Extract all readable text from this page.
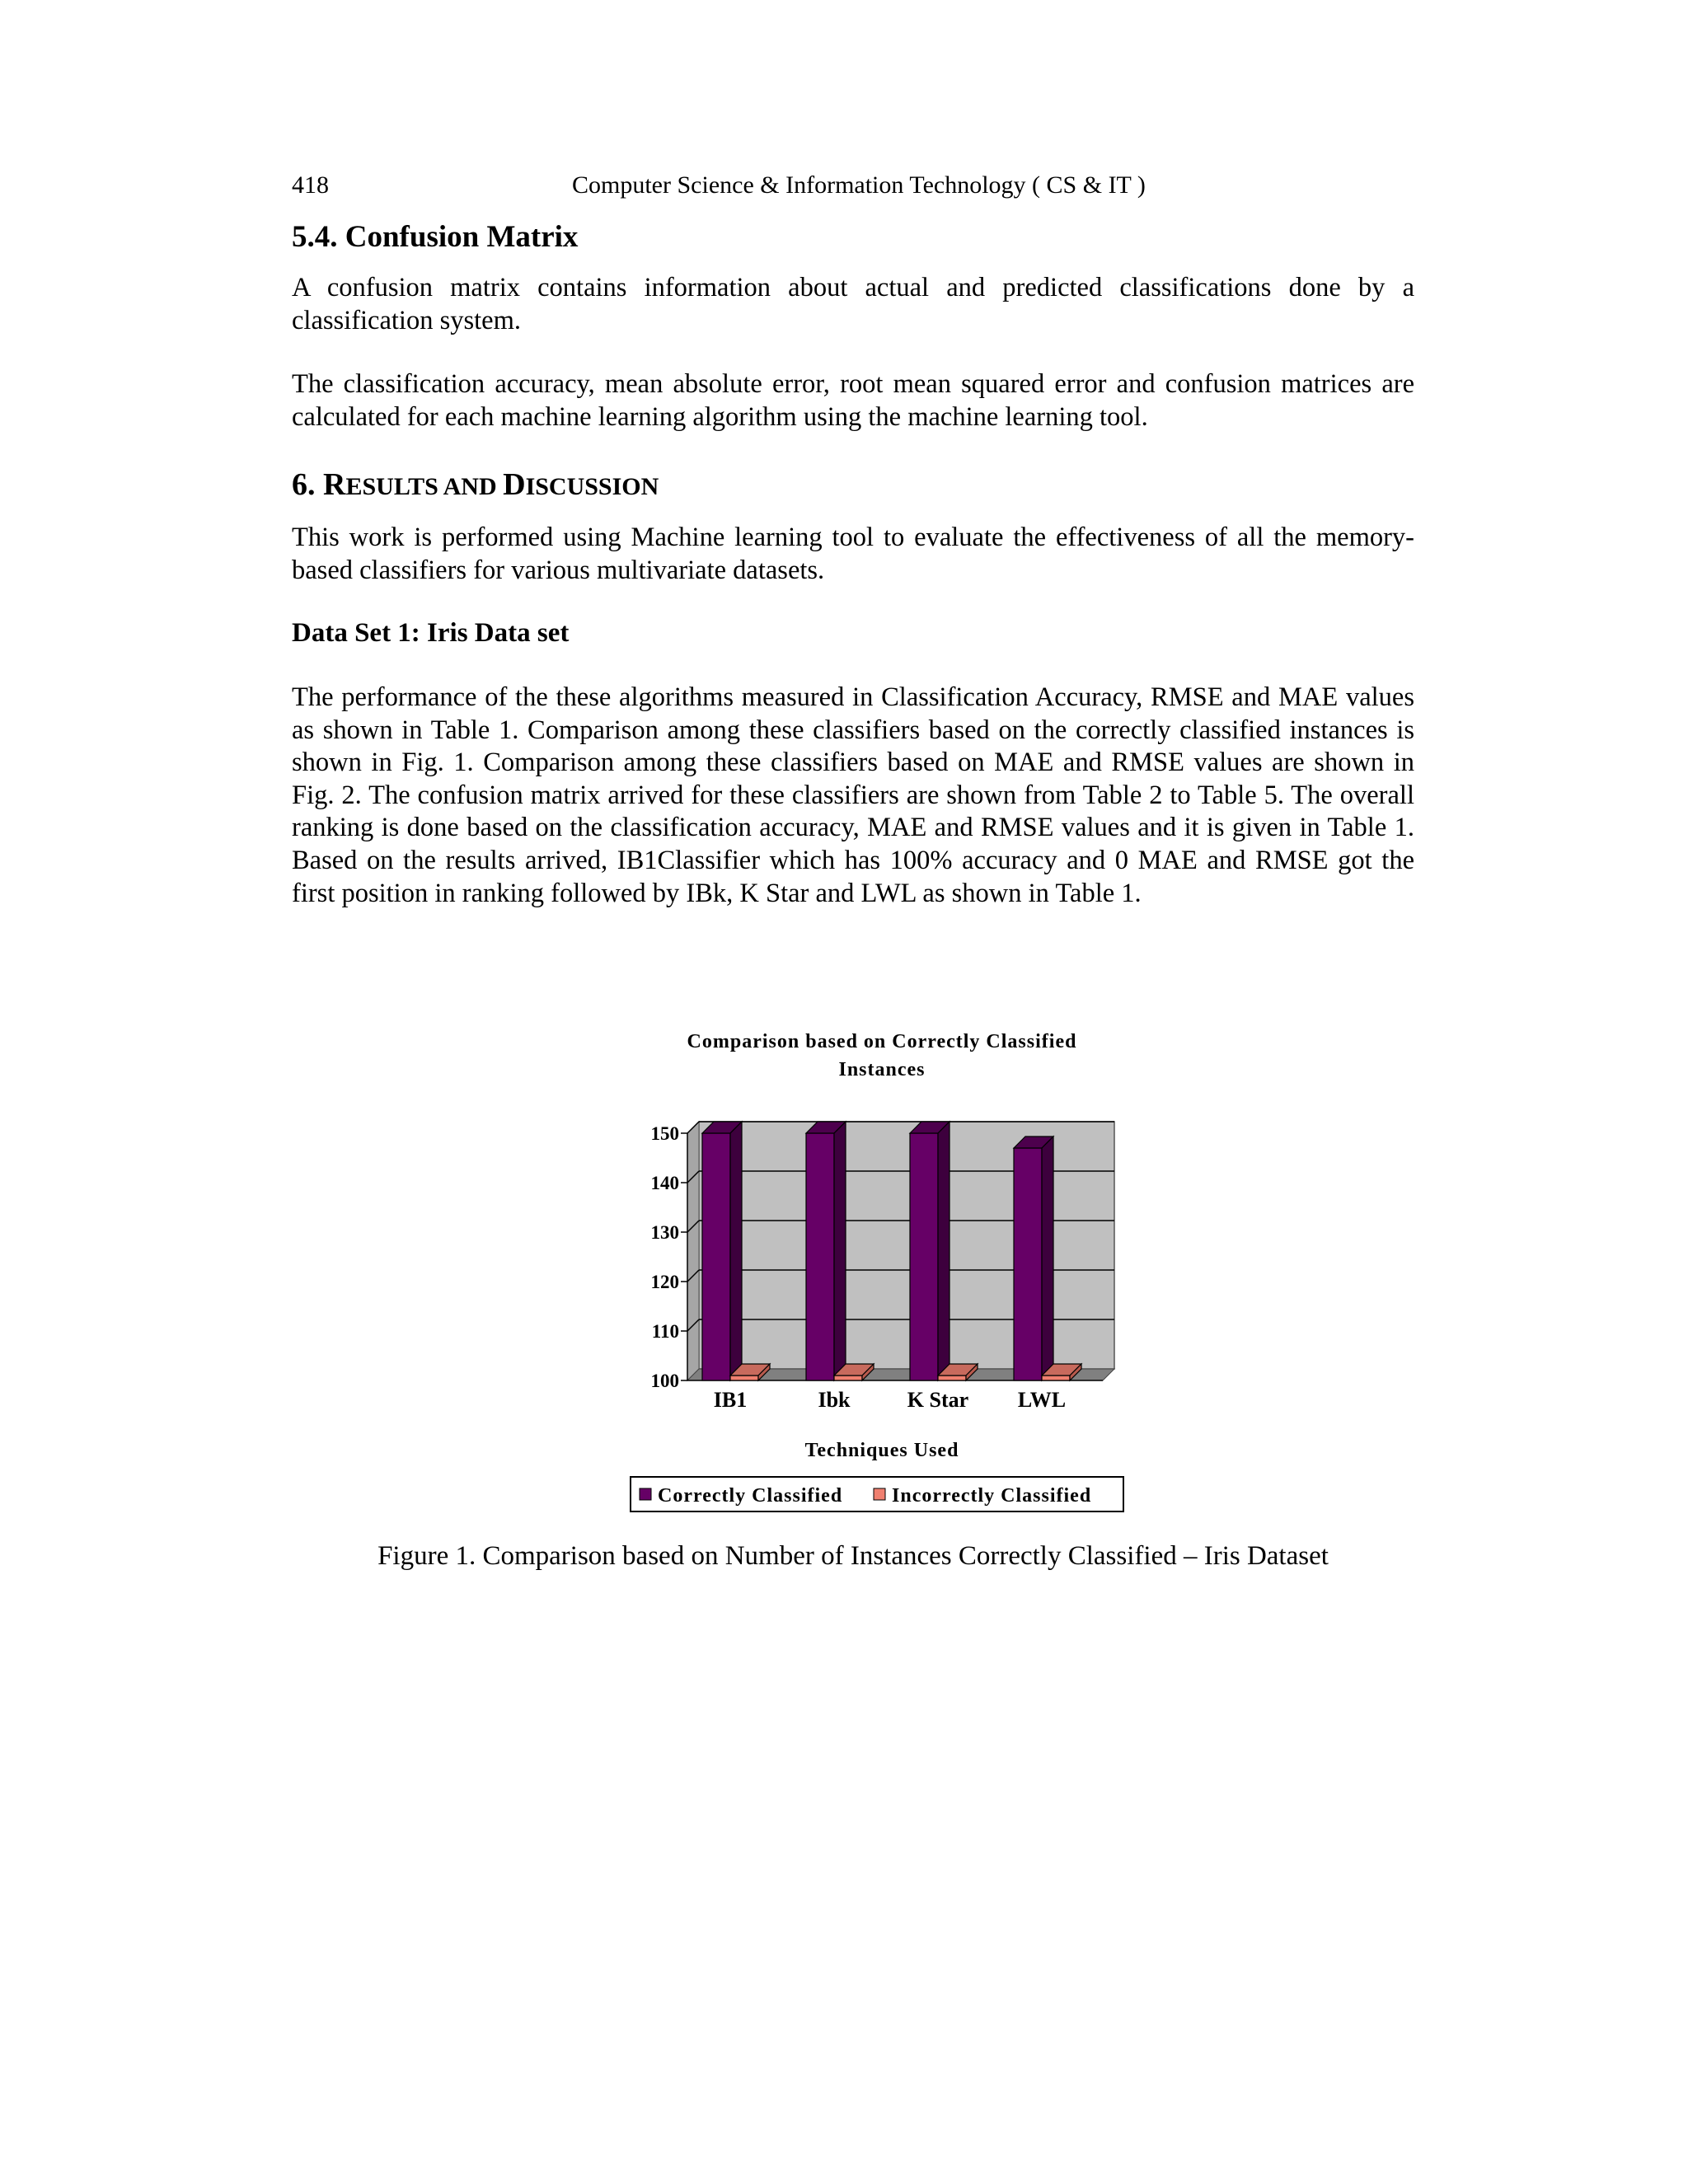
418	Computer Science & Information Technology ( CS & IT )
5.4. Confusion Matrix

A confusion matrix contains information about actual and predicted classifications done by a classification system.

The classification accuracy, mean absolute error, root mean squared error and confusion matrices are calculated for each machine learning algorithm using the machine learning tool.

6. RESULTS AND DISCUSSION

This work is performed using Machine learning tool to evaluate the effectiveness of all the memory- based classifiers for various multivariate datasets.

Data Set 1: Iris Data set

The performance of the these algorithms measured in Classification Accuracy, RMSE and MAE values as shown in Table 1. Comparison among these classifiers based on the correctly classified instances is shown in Fig. 1. Comparison among these classifiers based on MAE and RMSE values are shown in Fig. 2. The confusion matrix arrived for these classifiers are shown from Table 2 to Table 5. The overall ranking is done based on the classification accuracy, MAE and RMSE values and it is given in Table 1. Based on the results arrived, IB1Classifier which has 100% accuracy and 0 MAE and RMSE got the first position in ranking followed by IBk, K Star and LWL as shown in Table 1.

Comparison based on Correctly Classified
Instances
100
110
120
130
140
150
IB1	Ibk	K Star LWL
Techniques Used
Correctly Classified Incorrectly Classified
Figure 1. Comparison based on Number of Instances Correctly Classified – Iris Dataset
